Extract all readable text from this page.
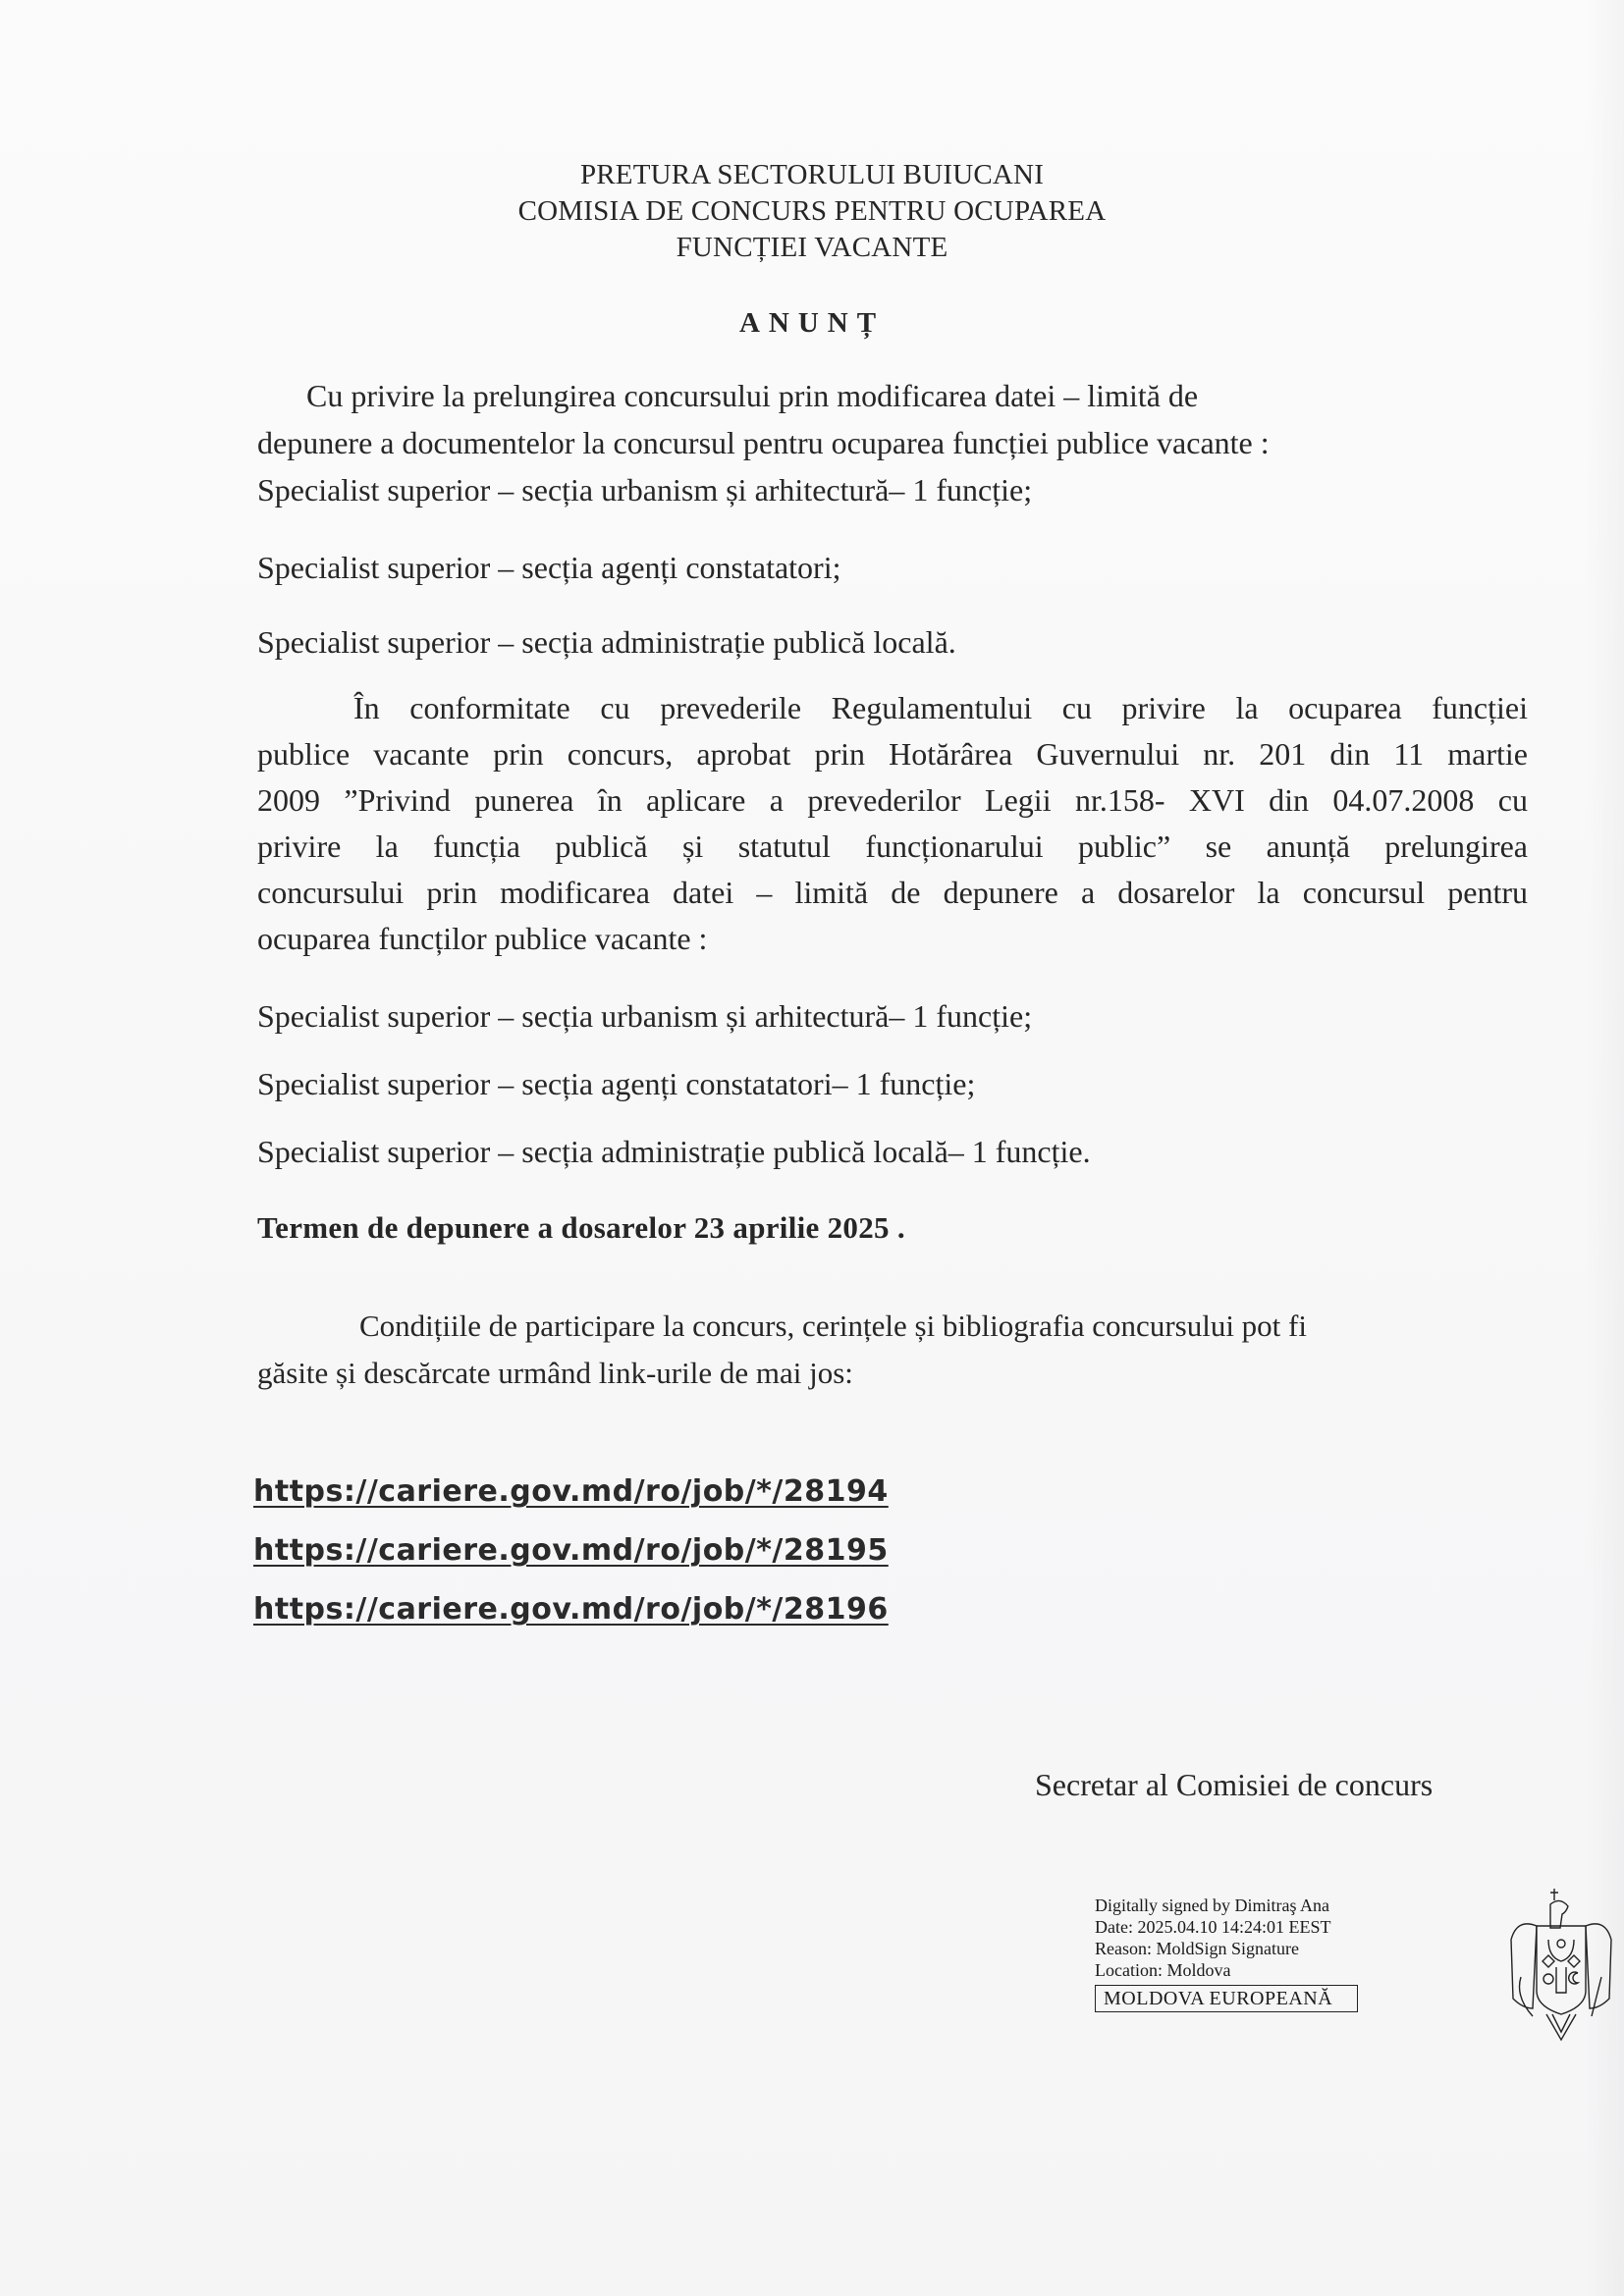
PRETURA SECTORULUI BUIUCANI
COMISIA DE CONCURS PENTRU OCUPAREA
FUNCȚIEI VACANTE
ANUNȚ
Cu privire la prelungirea concursului prin modificarea datei – limită de
depunere a documentelor la concursul pentru ocuparea funcției publice vacante :
Specialist superior – secția urbanism și arhitectură– 1 funcție;
Specialist superior – secția agenți constatatori;
Specialist superior – secția administrație publică locală.
În conformitate cu prevederile Regulamentului cu privire la ocuparea funcției
publice vacante prin concurs, aprobat prin Hotărârea Guvernului nr. 201 din 11 martie
2009 ”Privind punerea în aplicare a prevederilor Legii nr.158- XVI din 04.07.2008 cu
privire la funcția publică și statutul funcționarului public” se anunță prelungirea
concursului prin modificarea datei – limită de depunere a dosarelor la concursul pentru
ocuparea funcților publice vacante :
Specialist superior – secția urbanism și arhitectură– 1 funcție;
Specialist superior – secția agenți constatatori– 1 funcție;
Specialist superior – secția administrație publică locală– 1 funcție.
Termen de depunere a dosarelor 23 aprilie 2025 .
Condițiile de participare la concurs, cerințele și bibliografia concursului pot fi
găsite și descărcate urmând link-urile de mai jos:
https://cariere.gov.md/ro/job/*/28194
https://cariere.gov.md/ro/job/*/28195
https://cariere.gov.md/ro/job/*/28196
Secretar al Comisiei de concurs
Digitally signed by Dimitraş Ana
Date: 2025.04.10 14:24:01 EEST
Reason: MoldSign Signature
Location: Moldova
MOLDOVA EUROPEANĂ
